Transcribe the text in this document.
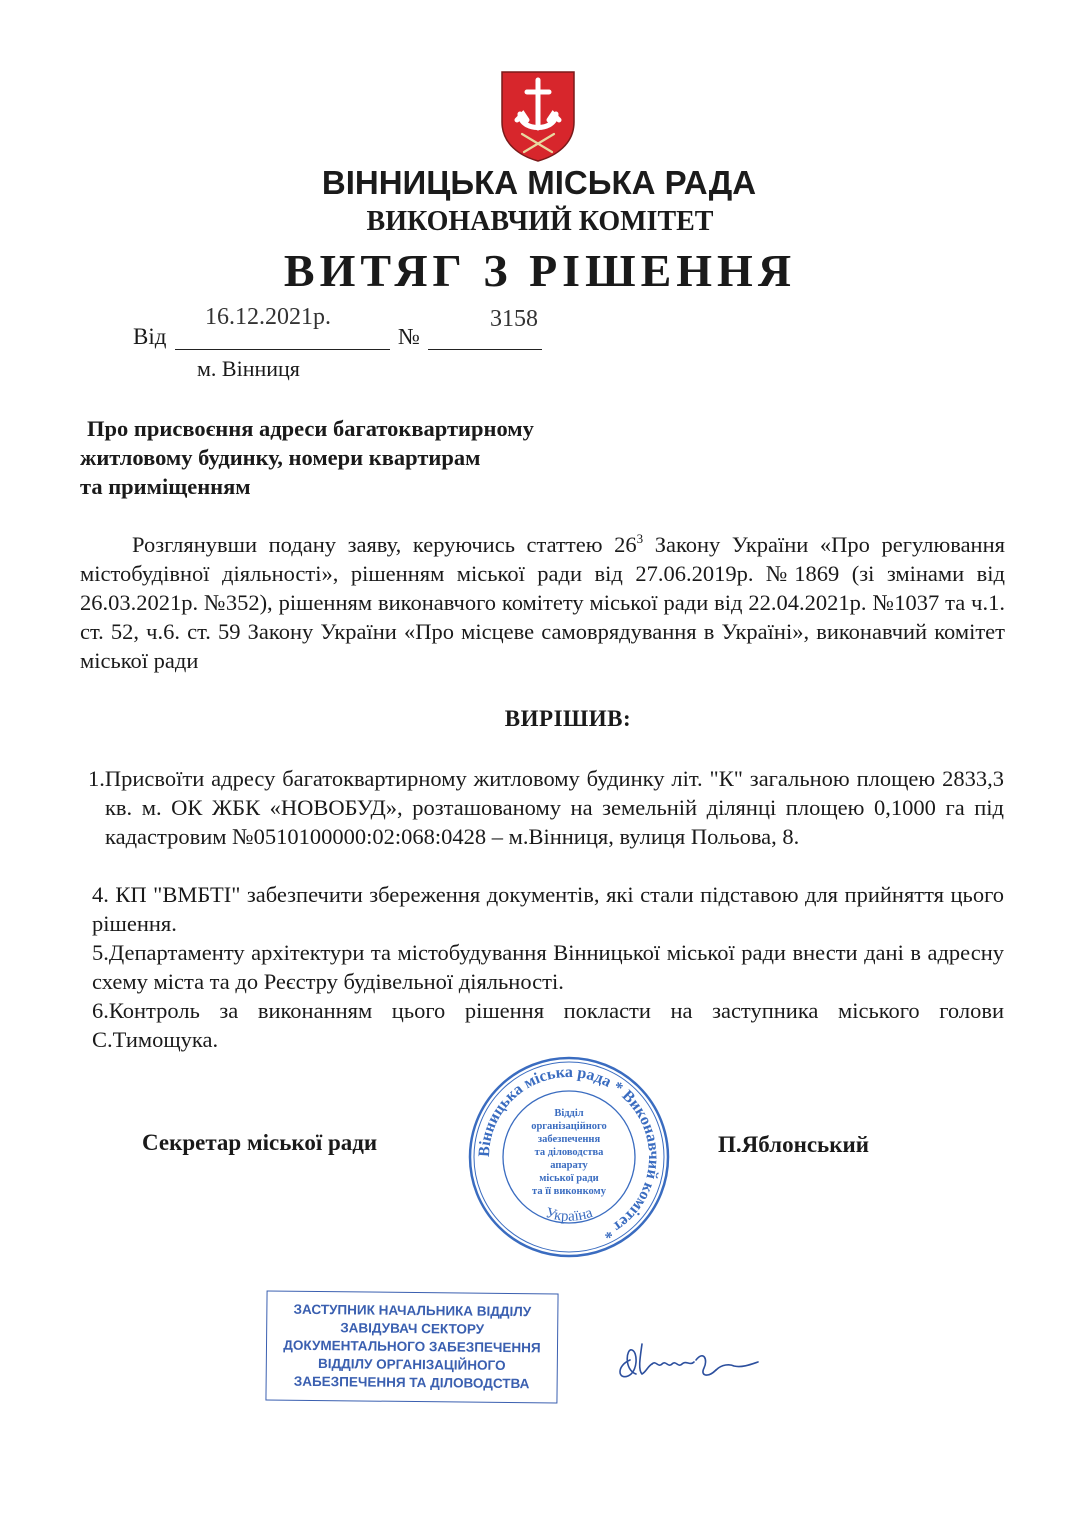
ВІННИЦЬКА МІСЬКА РАДА
ВИКОНАВЧИЙ КОМІТЕТ
ВИТЯГ З РІШЕННЯ
16.12.2021р.	3158
Від	№
м. Вінниця
Про присвоєння адреси багатоквартирному
житловому будинку, номери квартирам
та приміщенням
Розглянувши подану заяву, керуючись статтею $26^3$ Закону України «Про регулювання містобудівної діяльності», рішенням міської ради від 27.06.2019р. №1869 (зі змінами від 26.03.2021р. №352), рішенням виконавчого комітету міської ради від 22.04.2021р. №1037 та ч.1. ст. 52, ч.6. ст. 59 Закону України «Про місцеве самоврядування в Україні», виконавчий комітет міської ради
ВИРІШИВ:
1.Присвоїти адресу багатоквартирному житловому будинку літ. "К" загальною площею 2833,3 кв. м. ОК ЖБК «НОВОБУД», розташованому на земельній ділянці площею 0,1000 га під кадастровим №0510100000:02:068:0428 – м.Вінниця, вулиця Польова, 8.
4. КП "ВМБТІ" забезпечити збереження документів, які стали підставою для прийняття цього рішення.
5.Департаменту архітектури та містобудування Вінницької міської ради внести дані в адресну схему міста та до Реєстру будівельної діяльності.
6.Контроль за виконанням цього рішення покласти на заступника міського голови С.Тимощука.
Секретар міської ради	П.Яблонський
Вінницька міська рада * Виконавчий комітет *
Україна
Відділ
організаційного
забезпечення
та діловодства
апарату
міської ради
та її виконкому
ЗАСТУПНИК НАЧАЛЬНИКА ВІДДІЛУ
ЗАВІДУВАЧ СЕКТОРУ
ДОКУМЕНТАЛЬНОГО ЗАБЕЗПЕЧЕННЯ
ВІДДІЛУ ОРГАНІЗАЦІЙНОГО
ЗАБЕЗПЕЧЕННЯ ТА ДІЛОВОДСТВА
